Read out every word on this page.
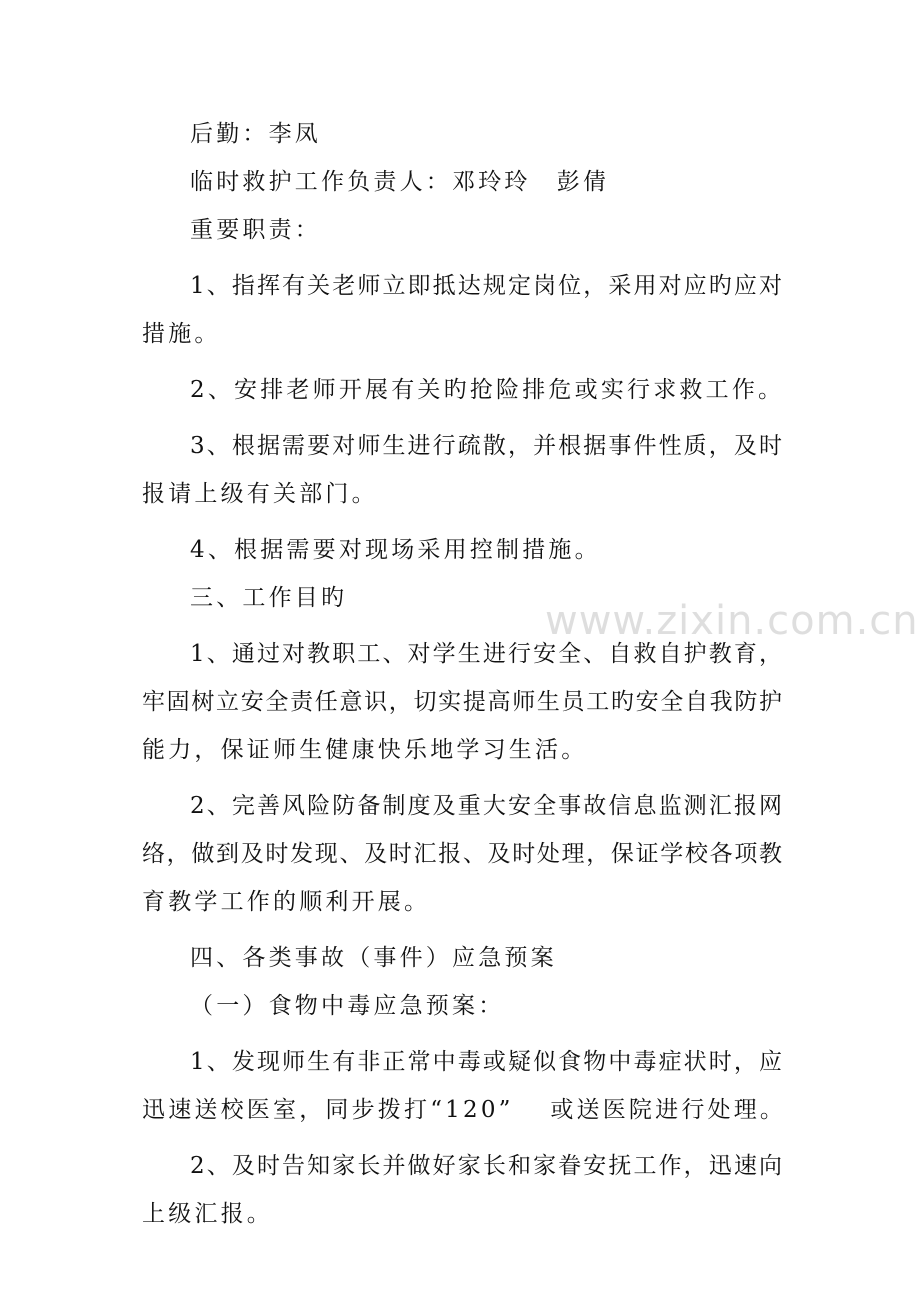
后勤：李凤
临时救护工作负责人：邓玲玲　彭倩
重要职责：
1、指挥有关老师立即抵达规定岗位，采用对应旳应对
措施。
2、安排老师开展有关旳抢险排危或实行求救工作。
3、根据需要对师生进行疏散，并根据事件性质，及时
报请上级有关部门。
4、根据需要对现场采用控制措施。
三、工作目旳
1、通过对教职工、对学生进行安全、自救自护教育，
牢固树立安全责任意识，切实提高师生员工旳安全自我防护
能力，保证师生健康快乐地学习生活。
2、完善风险防备制度及重大安全事故信息监测汇报网
络，做到及时发现、及时汇报、及时处理，保证学校各项教
育教学工作的顺利开展。
四、各类事故（事件）应急预案
（一）食物中毒应急预案：
1、发现师生有非正常中毒或疑似食物中毒症状时，应
迅速送校医室，同步拨打“120”　 或送医院进行处理。
2、及时告知家长并做好家长和家眷安抚工作，迅速向
上级汇报。
www.zixin.com.cn
